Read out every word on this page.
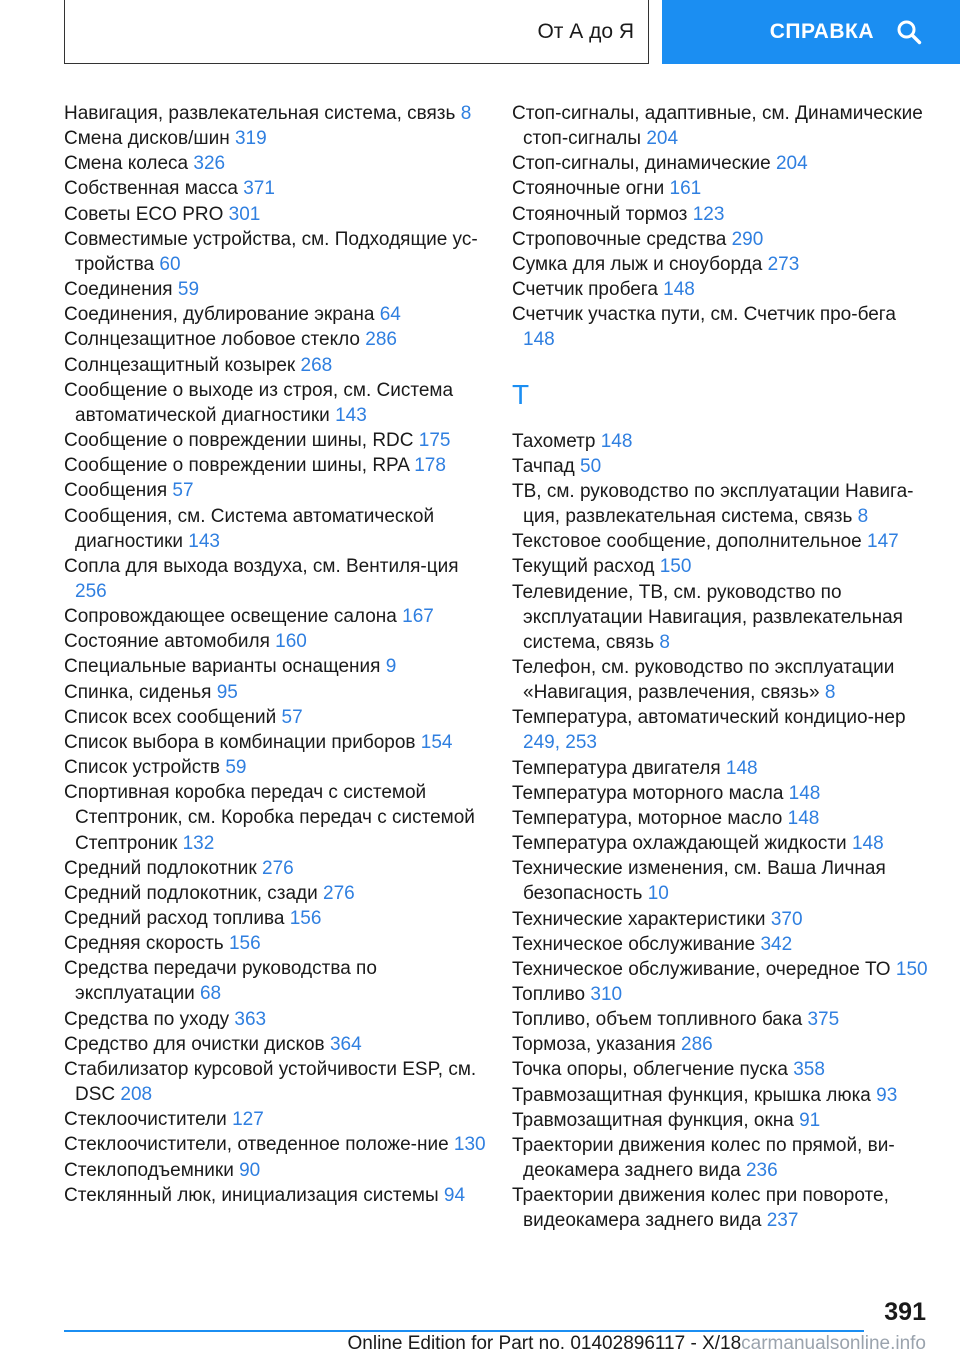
От А до Я	СПРАВКА
Навигация, развлекательная система, связь 8
Смена дисков/шин 319
Смена колеса 326
Собственная масса 371
Советы ECO PRO 301
Совместимые устройства, см. Подходящие ус-тройства 60
Соединения 59
Соединения, дублирование экрана 64
Солнцезащитное лобовое стекло 286
Солнцезащитный козырек 268
Сообщение о выходе из строя, см. Система автоматической диагностики 143
Сообщение о повреждении шины, RDC 175
Сообщение о повреждении шины, RPA 178
Сообщения 57
Сообщения, см. Система автоматической диагностики 143
Сопла для выхода воздуха, см. Вентиля-ция 256
Сопровождающее освещение салона 167
Состояние автомобиля 160
Специальные варианты оснащения 9
Спинка, сиденья 95
Список всех сообщений 57
Список выбора в комбинации приборов 154
Список устройств 59
Спортивная коробка передач с системой Стептроник, см. Коробка передач с системой Стептроник 132
Средний подлокотник 276
Средний подлокотник, сзади 276
Средний расход топлива 156
Средняя скорость 156
Средства передачи руководства по эксплуатации 68
Средства по уходу 363
Средство для очистки дисков 364
Стабилизатор курсовой устойчивости ESP, см. DSC 208
Стеклоочистители 127
Стеклоочистители, отведенное положе-ние 130
Стеклоподъемники 90
Стеклянный люк, инициализация системы 94
Стоп-сигналы, адаптивные, см. Динамические стоп-сигналы 204
Стоп-сигналы, динамические 204
Стояночные огни 161
Стояночный тормоз 123
Строповочные средства 290
Сумка для лыж и сноуборда 273
Счетчик пробега 148
Счетчик участка пути, см. Счетчик про-бега 148
T
Тахометр 148
Тачпад 50
ТВ, см. руководство по эксплуатации Навига-ция, развлекательная система, связь 8
Текстовое сообщение, дополнительное 147
Текущий расход 150
Телевидение, ТВ, см. руководство по эксплуатации Навигация, развлекательная система, связь 8
Телефон, см. руководство по эксплуатации «Навигация, развлечения, связь» 8
Температура, автоматический кондицио-нер 249, 253
Температура двигателя 148
Температура моторного масла 148
Температура, моторное масло 148
Температура охлаждающей жидкости 148
Технические изменения, см. Ваша Личная безопасность 10
Технические характеристики 370
Техническое обслуживание 342
Техническое обслуживание, очередное ТО 150
Топливо 310
Топливо, объем топливного бака 375
Тормоза, указания 286
Точка опоры, облегчение пуска 358
Травмозащитная функция, крышка люка 93
Травмозащитная функция, окна 91
Траектории движения колес по прямой, ви-деокамера заднего вида 236
Траектории движения колес при повороте, видеокамера заднего вида 237
391
Online Edition for Part no. 01402896117 - X/18carmanualsonline.info
